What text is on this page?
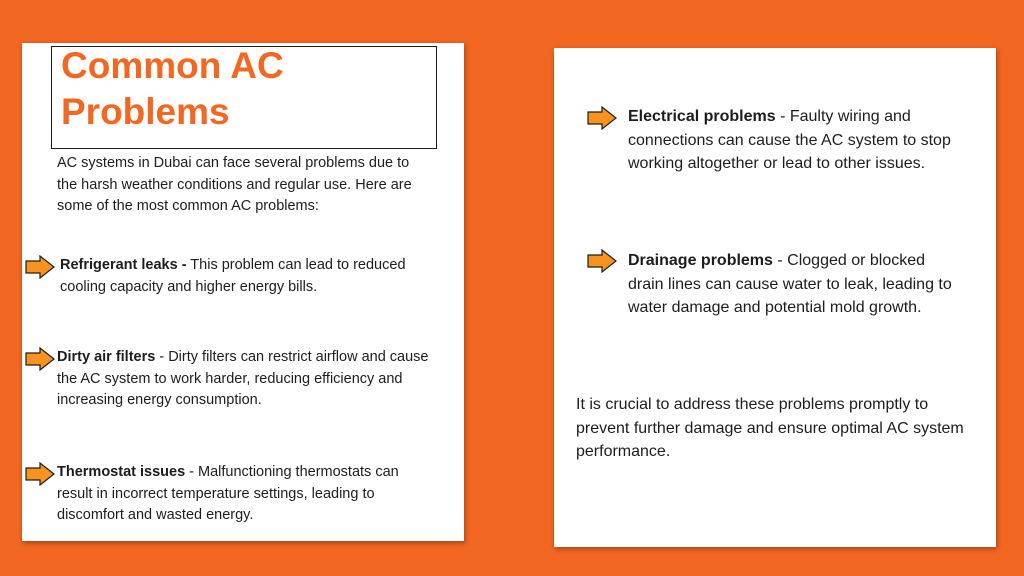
Common AC Problems

AC systems in Dubai can face several problems due to the harsh weather conditions and regular use. Here are some of the most common AC problems:

Refrigerant leaks - This problem can lead to reduced cooling capacity and higher energy bills.

Dirty air filters - Dirty filters can restrict airflow and cause the AC system to work harder, reducing efficiency and increasing energy consumption.

Thermostat issues - Malfunctioning thermostats can result in incorrect temperature settings, leading to discomfort and wasted energy.

Electrical problems - Faulty wiring and connections can cause the AC system to stop working altogether or lead to other issues.

Drainage problems - Clogged or blocked drain lines can cause water to leak, leading to water damage and potential mold growth.

It is crucial to address these problems promptly to prevent further damage and ensure optimal AC system performance.
